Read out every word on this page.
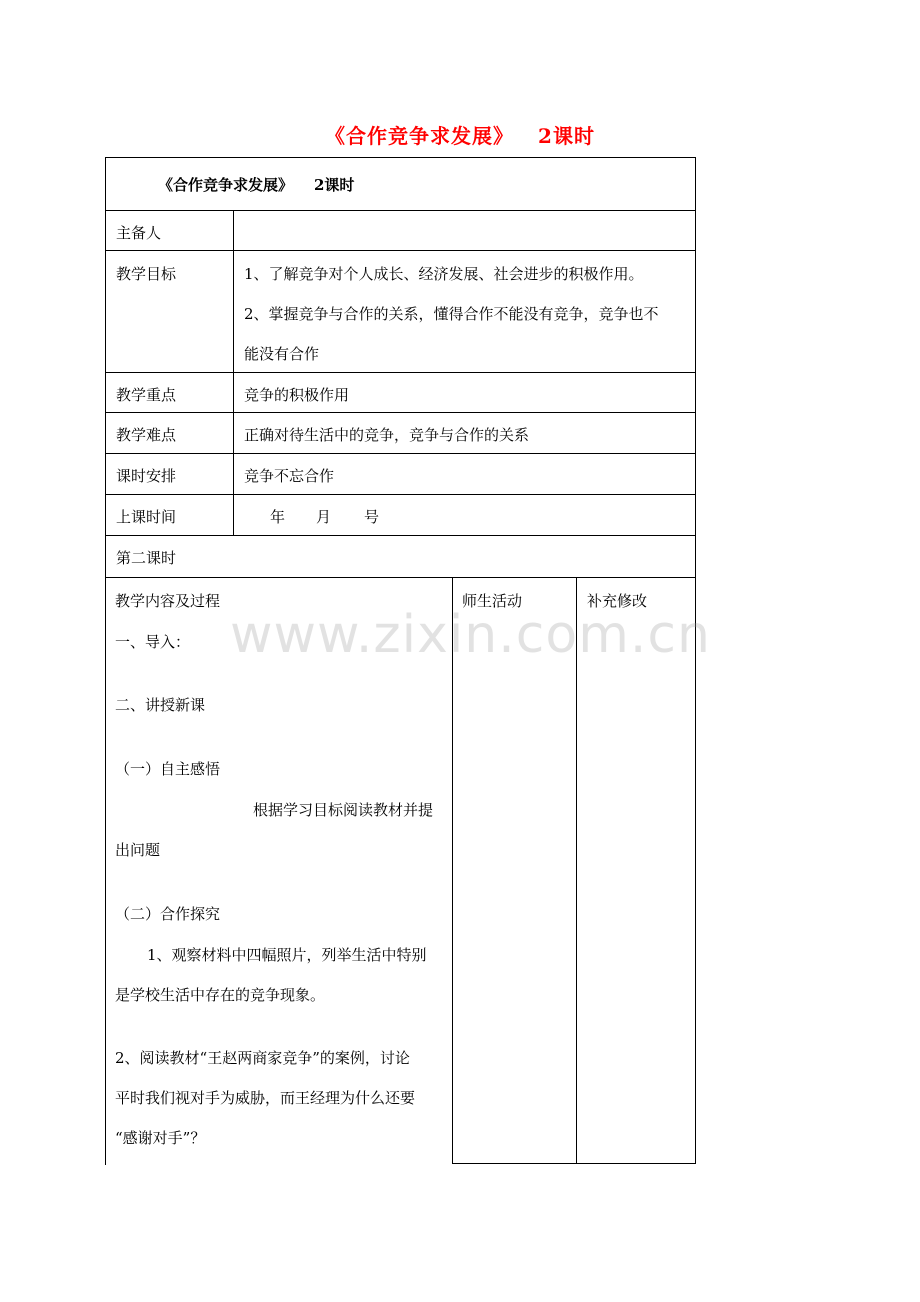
《合作竞争求发展》 2课时
《合作竞争求发展》 2课时
主备人
教学目标	1、了解竞争对个人成长、经济发展、社会进步的积极作用。
2、掌握竞争与合作的关系，懂得合作不能没有竞争，竞争也不
能没有合作
教学重点	竞争的积极作用
教学难点	正确对待生活中的竞争，竞争与合作的关系
课时安排	竞争不忘合作
上课时间	年 月 号
第二课时
教学内容及过程	师生活动	补充修改
www.zixin.com.cn
一、导入：
二、讲授新课
（一）自主感悟
根据学习目标阅读教材并提
出问题
（二）合作探究
1、观察材料中四幅照片，列举生活中特别
是学校生活中存在的竞争现象。
2、阅读教材“王赵两商家竞争”的案例，讨论
平时我们视对手为威胁，而王经理为什么还要
“感谢对手”？
